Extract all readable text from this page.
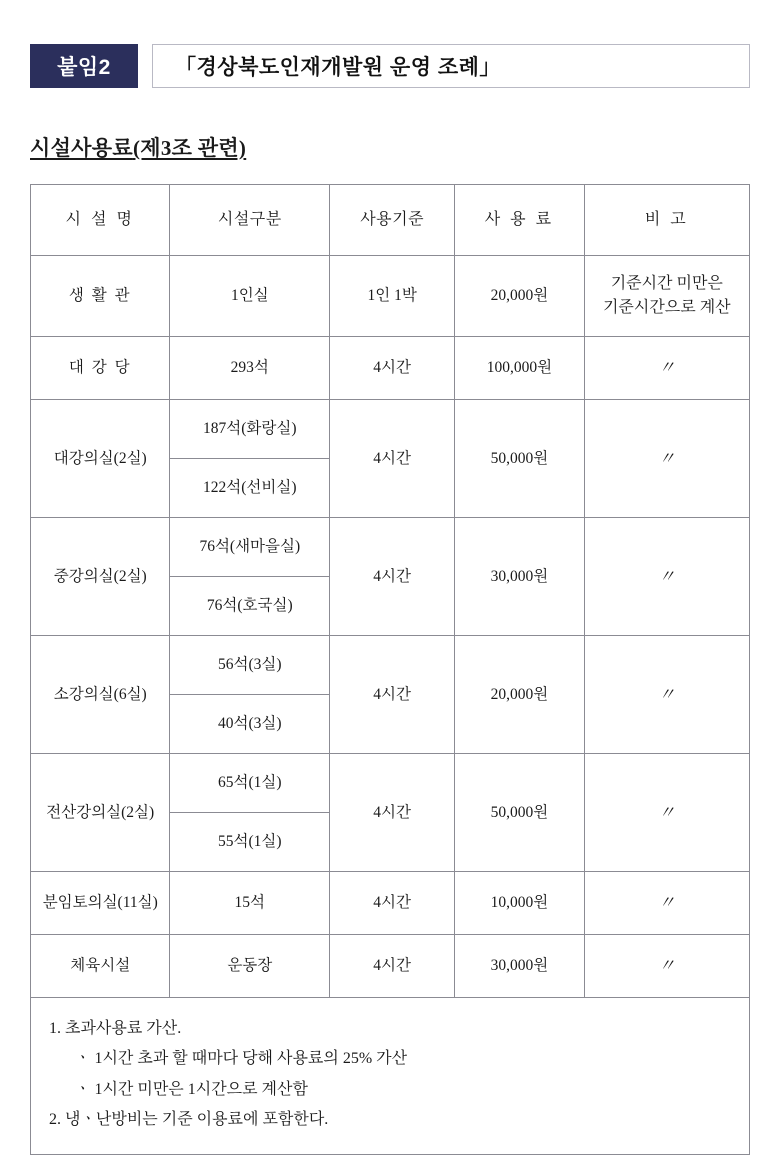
붙임2	「경상북도인재개발원 운영 조례」
시설사용료(제3조 관련)
시 설 명	시설구분	사용기준	사 용 료	비 고
생 활 관	1인실	1인 1박	20,000원	기준시간 미만은
기준시간으로 계산

대 강 당	293석	4시간	100,000원	〃
대강의실(2실)	187석(화랑실)	4시간	50,000원	〃
	122석(선비실)			
중강의실(2실)	76석(새마을실)	4시간	30,000원	〃
	76석(호국실)			
소강의실(6실)	56석(3실)	4시간	20,000원	〃
	40석(3실)			
전산강의실(2실)	65석(1실)	4시간	50,000원	〃
	55석(1실)			
분임토의실(11실)	15석	4시간	10,000원	〃
체육시설	운동장	4시간	30,000원	〃
1. 초과사용료 가산.
ㆍ 1시간 초과 할 때마다 당해 사용료의 25% 가산
ㆍ 1시간 미만은 1시간으로 계산함
2. 냉ㆍ난방비는 기준 이용료에 포함한다.
